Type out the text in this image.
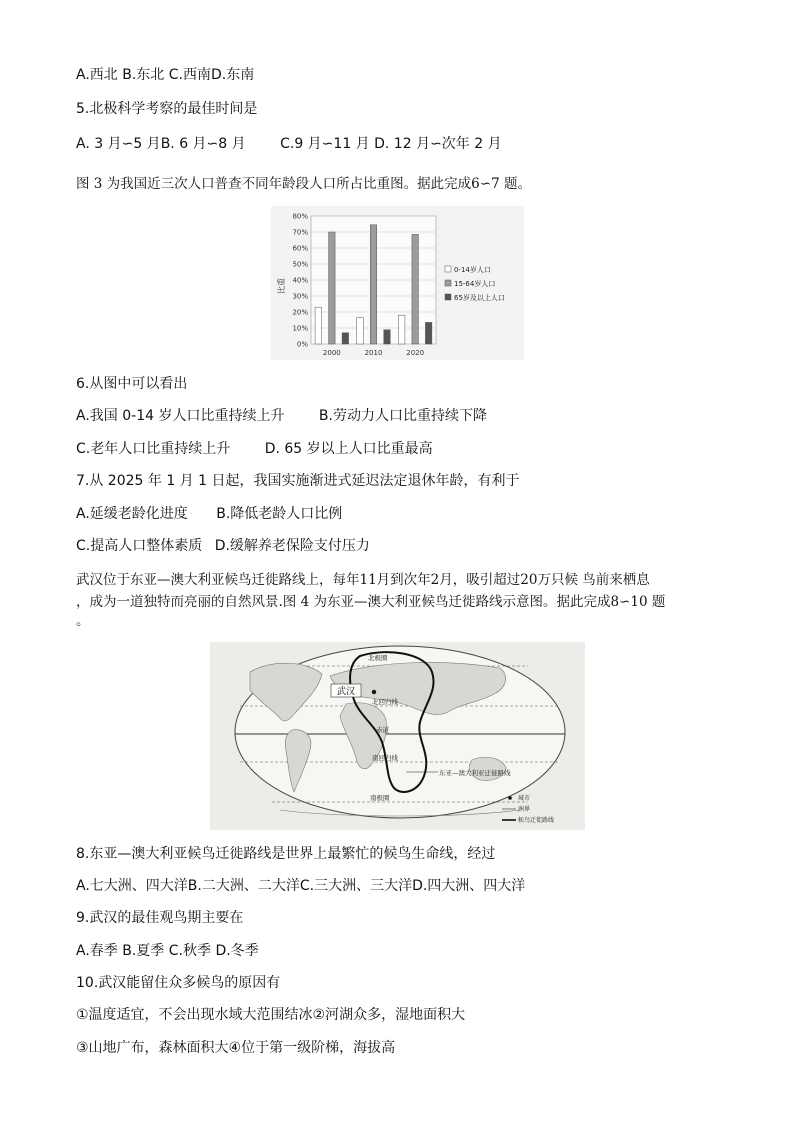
A.西北 B.东北 C.西南D.东南
5.北极科学考察的最佳时间是
A. 3 月∽5 月B. 6 月∽8 月 C.9 月∽11 月 D. 12 月∽次年 2 月
图 3 为我国近三次人口普查不同年龄段人口所占比重图。据此完成6∽7 题。
比重
0%
10%
20%
30%
40%
50%
60%
70%
80%
2000	2010	2020
0-14岁人口
15-64岁人口
65岁及以上人口
6.从图中可以看出
A.我国 0-14 岁人口比重持续上升 B.劳动力人口比重持续下降
C.老年人口比重持续上升 D. 65 岁以上人口比重最高
7.从 2025 年 1 月 1 日起，我国实施渐进式延迟法定退休年龄，有利于
A.延缓老龄化进度 B.降低老龄人口比例
C.提高人口整体素质 D.缓解养老保险支付压力
武汉位于东亚—澳大利亚候鸟迁徙路线上，每年11月到次年2月，吸引超过20万只候 鸟前来栖息
，成为一道独特而亮丽的自然风景.图 4 为东亚—澳大利亚候鸟迁徙路线示意图。据此完成8∽10 题
。
武汉
北极圈
北回归线
赤道
南回归线
南极圈
东亚—澳大利亚迁徙路线
城市
洲界
候鸟迁徙路线
8.东亚—澳大利亚候鸟迁徙路线是世界上最繁忙的候鸟生命线，经过
A.七大洲、四大洋B.二大洲、二大洋C.三大洲、三大洋D.四大洲、四大洋
9.武汉的最佳观鸟期主要在
A.春季 B.夏季 C.秋季 D.冬季
10.武汉能留住众多候鸟的原因有
①温度适宜，不会出现水域大范围结冰②河湖众多，湿地面积大
③山地广布，森林面积大④位于第一级阶梯，海拔高
